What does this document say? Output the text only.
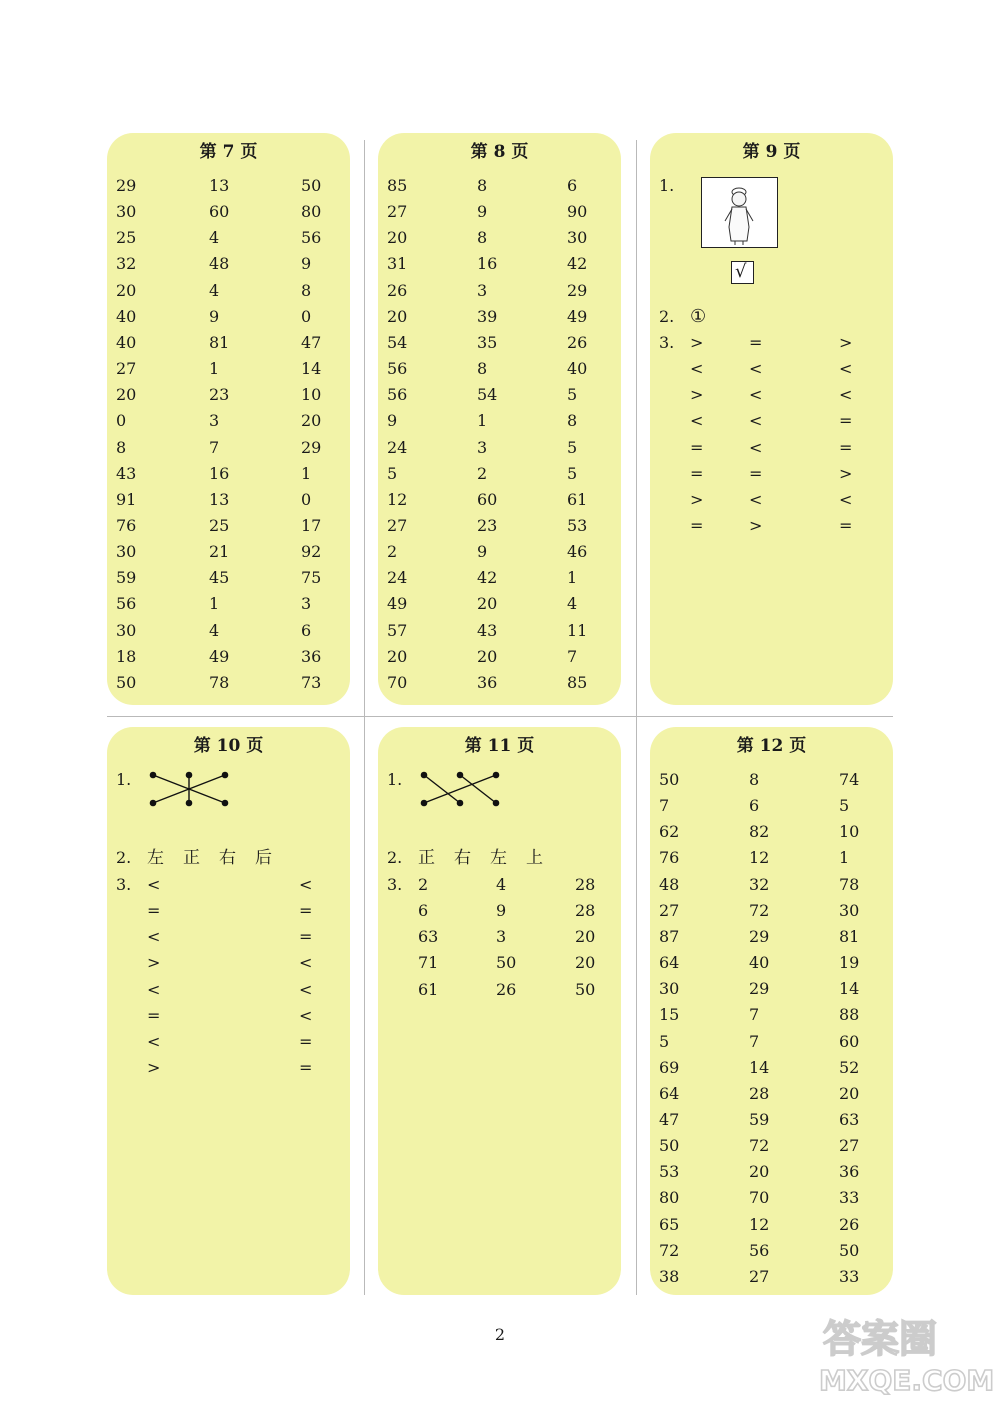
第 7 页
29	13	50
30	60	80
25	4	56
32	48	9
20	4	8
40	9	0
40	81	47
27	1	14
20	23	10
0	3	20
8	7	29
43	16	1
91	13	0
76	25	17
30	21	92
59	45	75
56	1	3
30	4	6
18	49	36
50	78	73
第 8 页
85	8	6
27	9	90
20	8	30
31	16	42
26	3	29
20	39	49
54	35	26
56	8	40
56	54	5
9	1	8
24	3	5
5	2	5
12	60	61
27	23	53
2	9	46
24	42	1
49	20	4
57	43	11
20	20	7
70	36	85
第 9 页
1.
√
2. ①
3. >	=	>
<	<	<
>	<	<
<	<	=
=	<	=
=	=	>
>	<	<
=	>	=
第 10 页
1.
2. 左 正 右 后
3. <	<
=	=
<	=
>	<
<	<
=	<
<	=
>	=
第 11 页
1.
2. 正 右 左 上
3. 2	4	28
6	9	28
63	3	20
71	50	20
61	26	50
第 12 页
50	8	74
7	6	5
62	82	10
76	12	1
48	32	78
27	72	30
87	29	81
64	40	19
30	29	14
15	7	88
5	7	60
69	14	52
64	28	20
47	59	63
50	72	27
53	20	36
80	70	33
65	12	26
72	56	50
38	27	33
2	答案圈
MXQE.COM
